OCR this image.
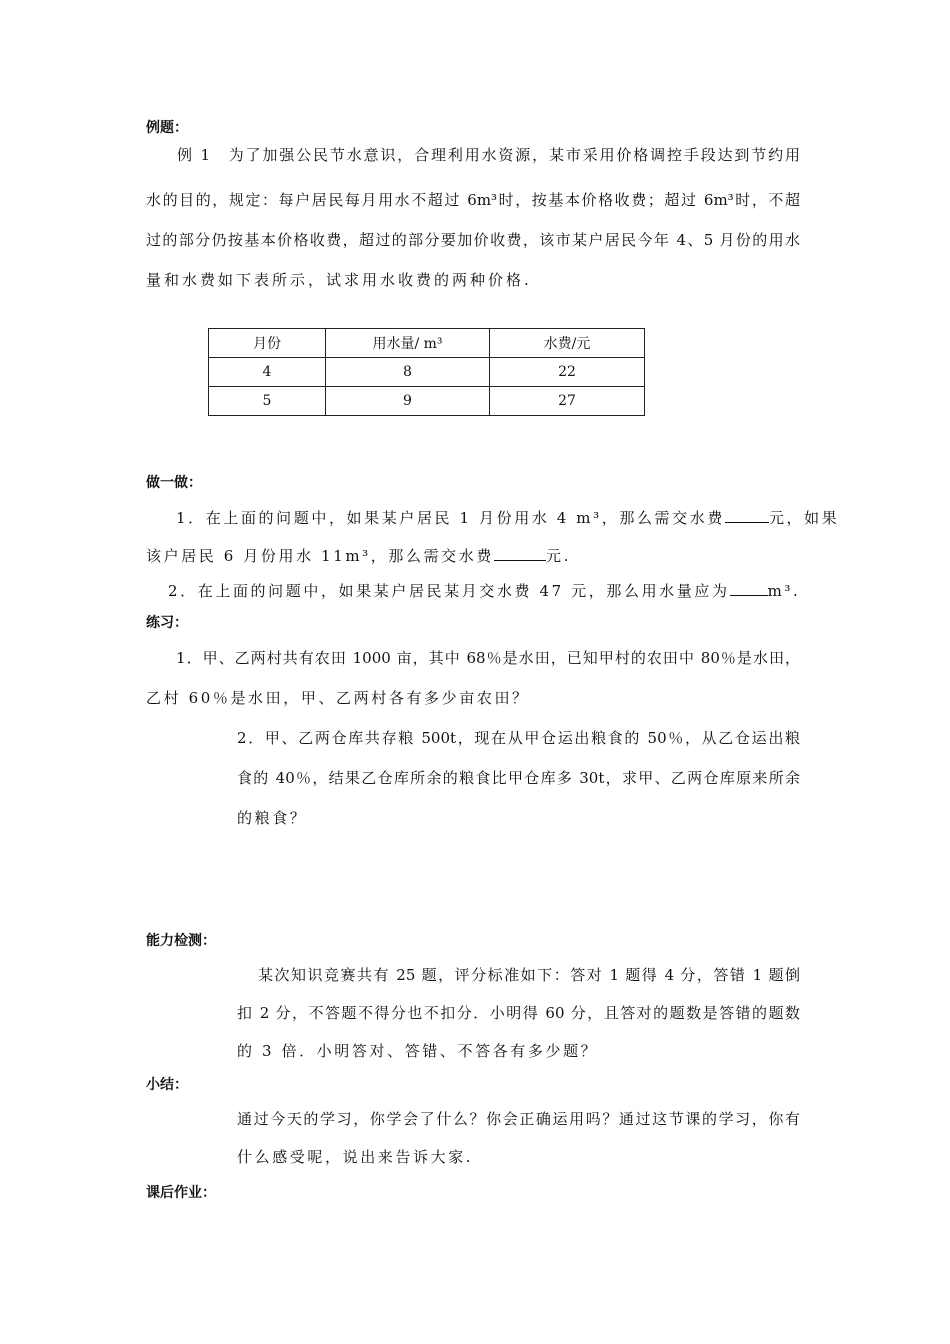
例题：
例 1　为了加强公民节水意识，合理利用水资源，某市采用价格调控手段达到节约用
水的目的，规定：每户居民每月用水不超过 6m³时，按基本价格收费；超过 6m³时，不超
过的部分仍按基本价格收费，超过的部分要加价收费，该市某户居民今年 4、5 月份的用水
量和水费如下表所示，试求用水收费的两种价格.
月份	用水量/ m³	水费/元
4	8	22
5	9	27
做一做：
1．在上面的问题中，如果某户居民 1 月份用水 4 m³，那么需交水费	元，如果
该户居民 6 月份用水 11m³，那么需交水费	元.
2．在上面的问题中，如果某户居民某月交水费 47 元，那么用水量应为	m³.
练习：
1．甲、乙两村共有农田 1000 亩，其中 68％是水田，已知甲村的农田中 80％是水田，
乙村 60％是水田，甲、乙两村各有多少亩农田？
2．甲、乙两仓库共存粮 500t，现在从甲仓运出粮食的 50％，从乙仓运出粮
食的 40％，结果乙仓库所余的粮食比甲仓库多 30t，求甲、乙两仓库原来所余
的粮食？
能力检测：
某次知识竞赛共有 25 题，评分标准如下：答对 1 题得 4 分，答错 1 题倒
扣 2 分，不答题不得分也不扣分．小明得 60 分，且答对的题数是答错的题数
的 3 倍．小明答对、答错、不答各有多少题？
小结：
通过今天的学习，你学会了什么？你会正确运用吗？通过这节课的学习，你有
什么感受呢，说出来告诉大家.
课后作业：
